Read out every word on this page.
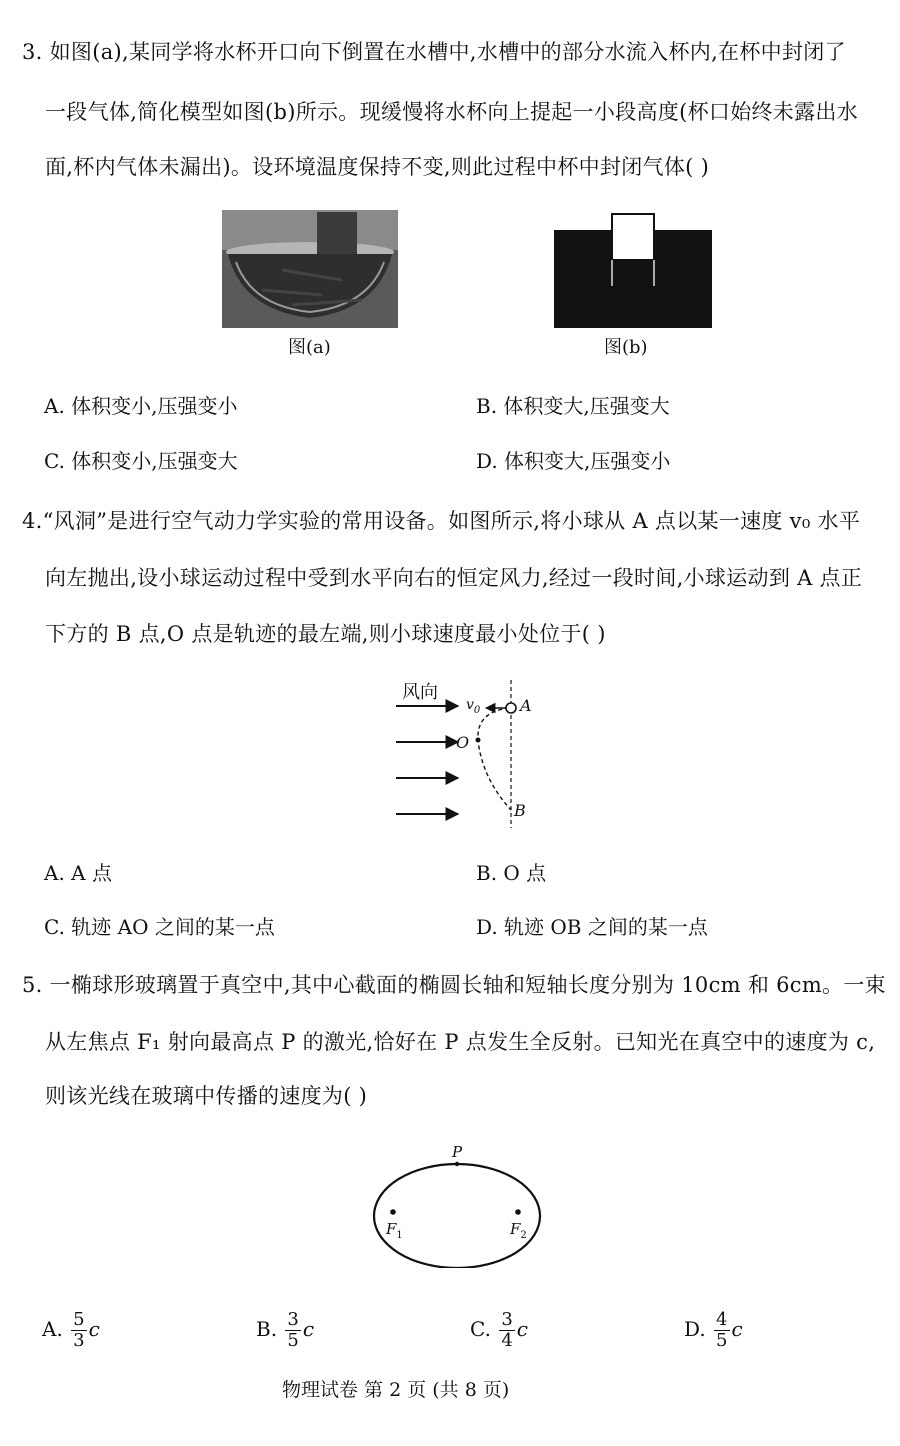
3. 如图(a),某同学将水杯开口向下倒置在水槽中,水槽中的部分水流入杯内,在杯中封闭了
一段气体,简化模型如图(b)所示。现缓慢将水杯向上提起一小段高度(杯口始终未露出水
面,杯内气体未漏出)。设环境温度保持不变,则此过程中杯中封闭气体( )
图(a)	图(b)
A. 体积变小,压强变小	B. 体积变大,压强变大
C. 体积变小,压强变大	D. 体积变大,压强变小
4.“风洞”是进行空气动力学实验的常用设备。如图所示,将小球从 A 点以某一速度 v₀ 水平
向左抛出,设小球运动过程中受到水平向右的恒定风力,经过一段时间,小球运动到 A 点正
下方的 B 点,O 点是轨迹的最左端,则小球速度最小处位于( )
风向
$v_0$ A
O
B
A. A 点	B. O 点
C. 轨迹 AO 之间的某一点	D. 轨迹 OB 之间的某一点
5. 一椭球形玻璃置于真空中,其中心截面的椭圆长轴和短轴长度分别为 10cm 和 6cm。一束
从左焦点 F₁ 射向最高点 P 的激光,恰好在 P 点发生全反射。已知光在真空中的速度为 c,
则该光线在玻璃中传播的速度为( )
P
$F_1$	$F_2$
A. $\frac{5}{3}$ c	B. $\frac{3}{5}$ c	C. $\frac{3}{4}$ c	D. $\frac{4}{5}$ c
物理试卷 第 2 页 (共 8 页)
